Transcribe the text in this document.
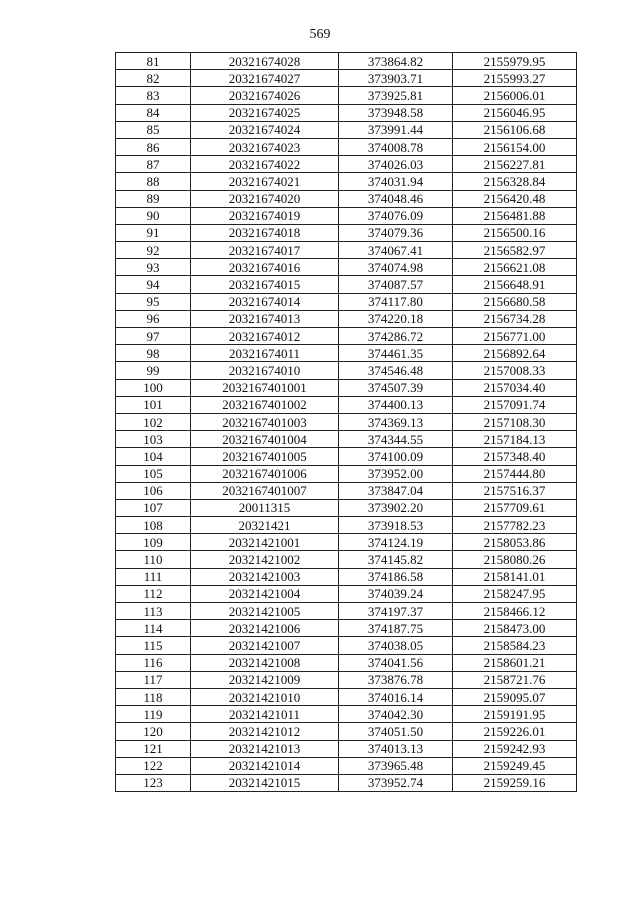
569
81	20321674028	373864.82	2155979.95
82	20321674027	373903.71	2155993.27
83	20321674026	373925.81	2156006.01
84	20321674025	373948.58	2156046.95
85	20321674024	373991.44	2156106.68
86	20321674023	374008.78	2156154.00
87	20321674022	374026.03	2156227.81
88	20321674021	374031.94	2156328.84
89	20321674020	374048.46	2156420.48
90	20321674019	374076.09	2156481.88
91	20321674018	374079.36	2156500.16
92	20321674017	374067.41	2156582.97
93	20321674016	374074.98	2156621.08
94	20321674015	374087.57	2156648.91
95	20321674014	374117.80	2156680.58
96	20321674013	374220.18	2156734.28
97	20321674012	374286.72	2156771.00
98	20321674011	374461.35	2156892.64
99	20321674010	374546.48	2157008.33
100	2032167401001	374507.39	2157034.40
101	2032167401002	374400.13	2157091.74
102	2032167401003	374369.13	2157108.30
103	2032167401004	374344.55	2157184.13
104	2032167401005	374100.09	2157348.40
105	2032167401006	373952.00	2157444.80
106	2032167401007	373847.04	2157516.37
107	20011315	373902.20	2157709.61
108	20321421	373918.53	2157782.23
109	20321421001	374124.19	2158053.86
110	20321421002	374145.82	2158080.26
111	20321421003	374186.58	2158141.01
112	20321421004	374039.24	2158247.95
113	20321421005	374197.37	2158466.12
114	20321421006	374187.75	2158473.00
115	20321421007	374038.05	2158584.23
116	20321421008	374041.56	2158601.21
117	20321421009	373876.78	2158721.76
118	20321421010	374016.14	2159095.07
119	20321421011	374042.30	2159191.95
120	20321421012	374051.50	2159226.01
121	20321421013	374013.13	2159242.93
122	20321421014	373965.48	2159249.45
123	20321421015	373952.74	2159259.16
